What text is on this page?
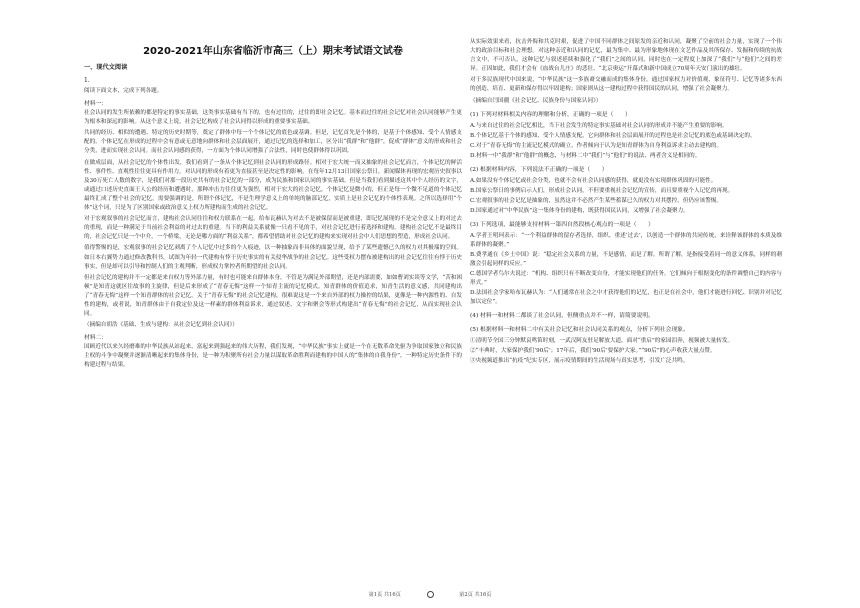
2020-2021年山东省临沂市高三（上）期末考试语文试卷
一、现代文阅读
1.
阅读下面文本，完成下列各题。
材料一：
社会认同的发生所依赖的都是特定的事实基础，这类事实基础有当下的，也有过往的，过往的即社会记忆。基本而过往的社会记忆对社会认同能够产生更为根本和深远的影响。从这个意义上说，社会记忆构成了社会认同得以形成的重要事实基础。
共同的经历、相似的遭遇、特定的历史时期等，奠定了群体中每一个个体记忆的底色或基调。但是，记忆首先是个体的，是基于个体感知、受个人情感支配的。个体记忆在形成的过程中会有意或无意地向群体和社会层面展开，通过记忆的选择和加工，区分出“我群”和“他群”，促成“群体”意义的形成和社会分类，进而实现社会认同。而社会认同感的获得，一方面为个体认同增强了合法性，同时也使群体得以巩固。
在做成层面，从社会记忆的个体性出发，我们看到了一条从个体记忆到社会认同的形成路径。相对于宏大统一而又抽象的社会记忆而言，个体记忆的鲜活性、事件性、直观性往往更具有作用力，对认同的形成有着更为直接甚至是决定性的影响。在每年12月13日国家公祭日，新闻媒体再现的宏观历史叙事以及30万死亡人数的数字，是我们对那一段历史共有的社会记忆的一部分，成为民族和国家认同的事实基础。但是当我们看到描述这其中个人经历的文字，或通过口述历史直面王人公的经历和遭遇时，那种冲击力往往更为强烈，相对于宏大的社会记忆，个体记忆是微小的，但正是每一个微不足道的个体记忆最终汇成了整个社会的记忆。需要强调的是，所谓个体记忆，不是生理学意义上的单纯的脑部记忆，实质上是社会记忆的个体性表现。之所以选择用“个体”这个词，只是为了区别国家或政治意义上权力所建构而生成的社会记忆。
对于宏观叙事的社会记忆而言，建构社会认同往往和权力联系在一起。给布瓦赫认为对去不是被保留而是被重建，即记忆展现的不是完全意义上的对过去的重现，而是一种满足于当前社会利益的对过去的重建。当下的利益关系就像一只看不见的手，对社会记忆进行着选择和建构。建构社会记忆不是最终目的，社会记忆只是一个中介，一个桥梁，无论是哪方面的“利益关系”，都希望借助对社会记忆的建构来实现对社会中人们思想的塑造，形成社会认同。
值得警惕的是，宏观叙事的社会记忆剥离了个人记忆中过多的个人痕迹，以一种抽象而非具体的面貌呈现，给予了某些遗憾已久的权力对其极端的空间。如日本右翼势力通过修改教科书，试图为年轻一代建构有悖于历史事实的有关侵华战争的社会记忆。这些受权力摆布被建构出的社会记忆往往有悖于历史事实，但是却可以引导和控制人们的主观判断，形成权力掌控者所期望的社会认同。
但社会记忆的建构并不一定都是来自权力等外部力量，有时也可能来自群体本身，不管是为满足外部期望，还是内部需要，如如曹刘实谈等文学，“苦和困顿”是知青这就区往故事的主旋律，但是后来形成了“青春无悔”这样一个知青主流的记忆模式。知青群体的价值追求，知青生活的意义感，共同建构出了“青春无悔”这样一个知青群体的社会记忆。关于“青春无悔”的社会记忆建构，很难说这是一个来自外部的权力操控的结果，更像是一种内源性的、自发性的建构，或者说，知青群体由于自我定位及这一样素的群体利益诉求，通过叙述、文字和聚会等形式构建出“青春无悔”的社会记忆，从而实现社会认同。
（摘编自胡浩《基础、生成与建构：从社会记忆到社会认同》）
材料二：
国顾近代以来久经磨难的中华民族从站起来、富起来到强起来的伟大历程，我们发现，“中华民族”事实上就是一个在无数革命先驱为争取国家独立和民族主权的斗争中凝聚并逐渐清晰起来的集体身份，是一种为积聚所有社会力量以谋取革命胜利而建构的中国人的“集体的自我身份”，一种特定历史条件下的构建过程与结果。
从实际效果来看，抗击外侮和共克时艰，促进了中国不同群体之间原发的亲近和认同，凝聚了空前的社会力量，实现了一个伟大的政治目标和社会理想。对这种亲近和认同的记忆，最为集中、最为形象地体现在文艺作品及其所保存、发掘和传续的抗战言文中，不可否认，这种记忆与叙述延续和强化了“我们”之间的认同，同时也在一定程度上加深了“我们”与“他们”之间的差异。正因如此，我们才会有《血战台儿庄》的悲壮、“北京奥运”开幕式和新中国成立70周年天安门演出的雄壮。
对于多民族现代中国来说，“中华民族”这一多族裔交融而成的集体身份，通过国家权力对价值观、象征符号、记忆等诸多东西的创造、培育、更新和保存得以牢固建构；国家则从这一建构过程中获得国民的认同，增强了社会凝聚力。
（摘编自闫国疆《社会记忆、民族身份与国家认同》）
(1) 下列对材料相关内容的理解和分析，正确的一项是（　　）
A.与来自过往的社会记忆相比，当下社会发生的特定事实基础对社会认同的形成并不能产生重要的影响。
B.个体记忆基于个体的感知，受个人情感支配，它向群体和社会层面展开的过程也是社会记忆的底色或基调决定的。
C.对于“青春无悔”的主流记忆模式的确立，作者倾向于认为是知青群体为自身利益诉求主动去建构的。
D.材料一中“我群”和“他群”的概念，与材料二中“我们”与“他们”的说法，两者含义是相同的。
(2) 根据材料内容，下列说法不正确的一项是（　　）
A.如果没有个体记忆或社会分类，也就不会有社会认同感的获得，就更没有实现群体巩固的可能性。
B.国家公祭日的事例启示人们，形成社会认同，不但要重视社会记忆的宣传，而且要重视个人记忆的再现。
C.宏观叙事的社会记忆是抽象的，虽然这并不必然产生某些蓄谋已久的权力对其摆控，但仍应该警惕。
D.国家通过对“中华民族”这一集体身份的建构，既获得国民认同，又增强了社会凝聚力。
(3) 下列选项，最能够支持材料一第四自然段核心观点的一项是（　　）
A.学者王明珂表示：“一个利益群体的留存者选择，组织、重述‘过去’，以创造一个群体的共同传统，来诠释该群体的本质及维系群体的凝聚。”
B.费孝通在《乡土中国》说：“稳定社会关系的力量，不是感情，而是了解。所谓了解，是指接受着同一的意义体系，同样的刺激会引起同样的反应。”
C.德国学者鸟尔夫说过：“机构、组织只有不断改变自身，才能实现他们的任务。它们倾向于根据变化的条件调整自己的内容与形式。”
D.法国社会学家哈布瓦赫认为：“人们通常在社会之中才获得他们的记忆，也正是在社会中，他们才能进行回忆、识别并对记忆加以定位”。
(4) 材料一和材料二都谈了社会认同，但侧重点并不一样，请简要说明。
(5) 根据材料一和材料二中有关社会记忆和社会认同关系的观点，分析下列社会现象。
①清明节全国三分钟默哀鸣笛时刻，一武汉阿友驻足解放大道，面对“重启”的家园泪奔，视频被大量转发。
②“丰典时，大家保护我们’90后’；17年后，我们’90后’要保护大家。”“90后”的心声收获大量点赞。
③央视频道推出“抗疫”纪实专区，展示疫情期间的生活现场与真实思考，引发广泛共鸣。
第1页 共16页	第2页 共16页
